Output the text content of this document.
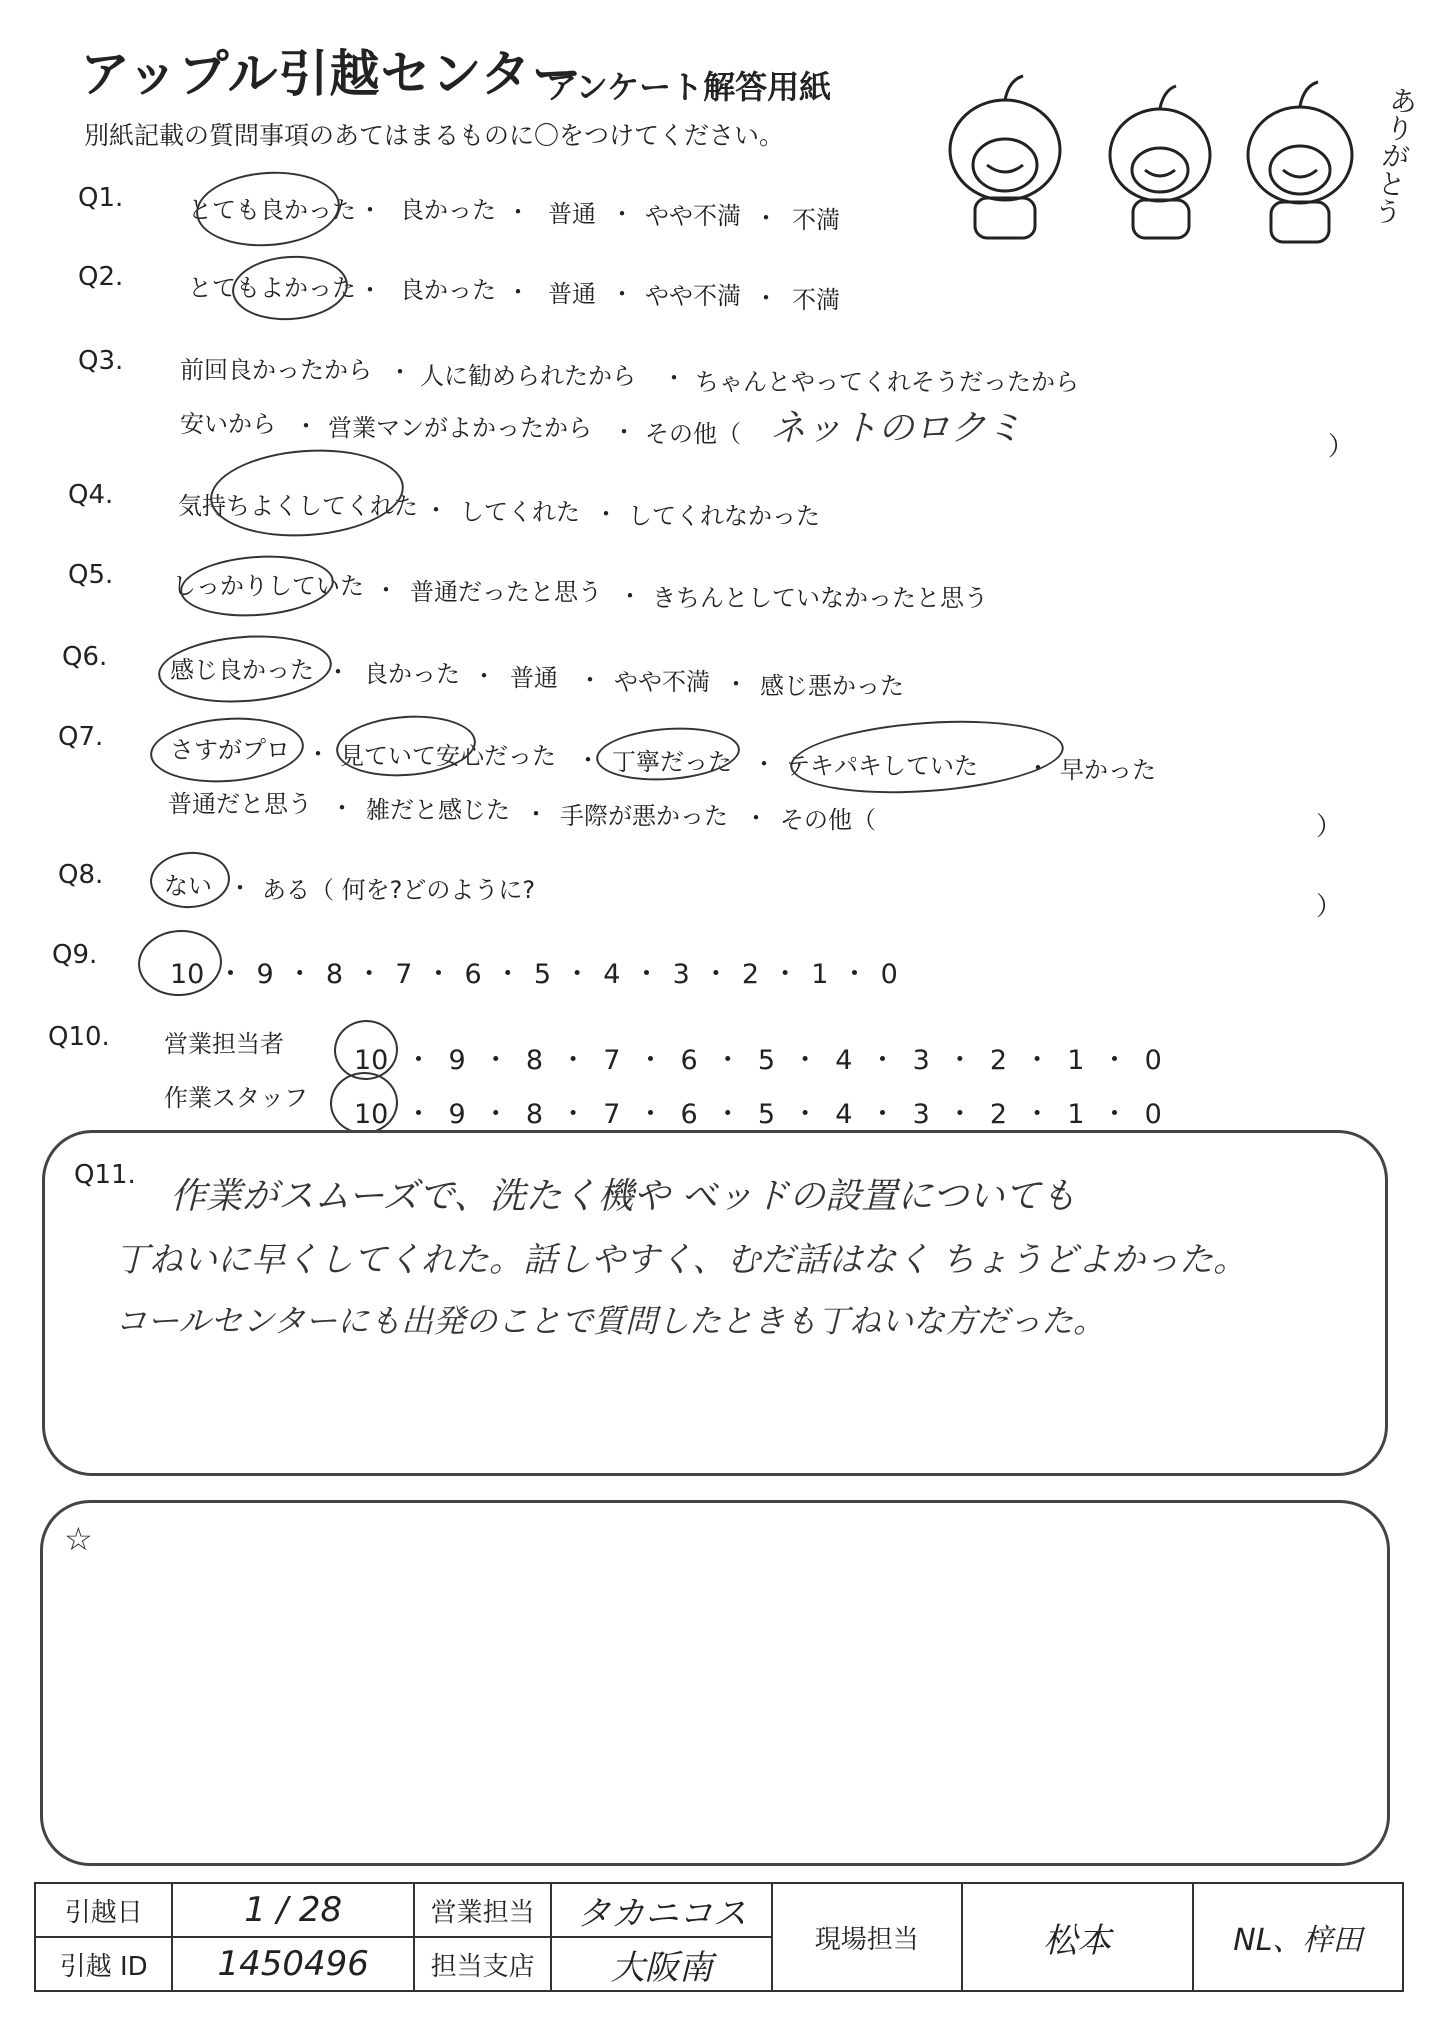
アップル引越センター
アンケート解答用紙
別紙記載の質問事項のあてはまるものに〇をつけてください。	ありがとう
Q1.	とても良かった 良かった 普通 やや不満 不満
・	・	・	・
Q2.	とてもよかった 良かった 普通 やや不満 不満
・	・	・	・
Q3. 前回良かったから 人に勧められたから ちゃんとやってくれそうだったから
・	・
安いから 営業マンがよかったから その他（
・	・	ネットのロクミ	）
Q4.	気持ちよくしてくれた してくれた してくれなかった
・	・
Q5. しっかりしていた 普通だったと思う きちんとしていなかったと思う
・	・
Q6.	感じ良かった 良かった 普通 やや不満 感じ悪かった
・	・	・	・
Q7.	さすがプロ 見ていて安心だった 丁寧だった テキパキしていた	早かった
・	・	・	・
普通だと思う 雑だと感じた 手際が悪かった その他（
・	・	・	）
Q8.	ない ・ ある（ 何を?どのように?
）
Q9.
10 ・ 9 ・ 8 ・ 7 ・ 6 ・ 5 ・ 4 ・ 3 ・ 2 ・ 1 ・ 0
Q10. 営業担当者
10 ・ 9 ・ 8 ・ 7 ・ 6 ・ 5 ・ 4 ・ 3 ・ 2 ・ 1 ・ 0
作業スタッフ
10 ・ 9 ・ 8 ・ 7 ・ 6 ・ 5 ・ 4 ・ 3 ・ 2 ・ 1 ・ 0
Q11.
作業がスムーズで、洗たく機や ベッドの設置についても
丁ねいに早くしてくれた。話しやすく、むだ話はなく ちょうどよかった。
コールセンターにも出発のことで質問したときも丁ねいな方だった。
☆
引越日	1 / 28	営業担当	タカニコス	現場担当	松本	NL、梓田
引越 ID	1450496	担当支店	大阪南			
